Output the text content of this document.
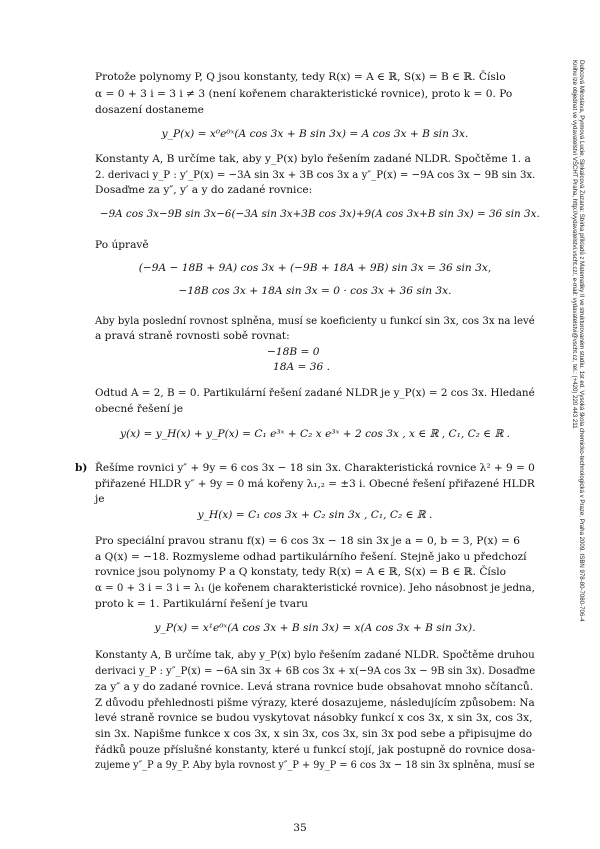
Protože polynomy P, Q jsou konstanty, tedy R(x) = A ∈ ℝ, S(x) = B ∈ ℝ. Číslo
α = 0 + 3 i = 3 i ≠ 3 (není kořenem charakteristické rovnice), proto k = 0. Po
dosazení dostaneme
y_P(x) = x⁰e⁰ˣ(A cos 3x + B sin 3x) = A cos 3x + B sin 3x.
Konstanty A, B určíme tak, aby y_P(x) bylo řešením zadané NLDR. Spočtěme 1. a
2. derivaci y_P : y′_P(x) = −3A sin 3x + 3B cos 3x a y″_P(x) = −9A cos 3x − 9B sin 3x.
Dosaďme za y″, y′ a y do zadané rovnice:
−9A cos 3x−9B sin 3x−6(−3A sin 3x+3B cos 3x)+9(A cos 3x+B sin 3x) = 36 sin 3x.
Po úpravě
(−9A − 18B + 9A) cos 3x + (−9B + 18A + 9B) sin 3x = 36 sin 3x,
−18B cos 3x + 18A sin 3x = 0 · cos 3x + 36 sin 3x.
Aby byla poslední rovnost splněna, musí se koeficienty u funkcí sin 3x, cos 3x na levé
a pravá straně rovnosti sobě rovnat:
−18B = 0
18A = 36 .
Odtud A = 2, B = 0. Partikulární řešení zadané NLDR je y_P(x) = 2 cos 3x. Hledané
obecné řešení je
y(x) = y_H(x) + y_P(x) = C₁ e³ˣ + C₂ x e³ˣ + 2 cos 3x , x ∈ ℝ , C₁, C₂ ∈ ℝ .
b) Řešíme rovnici y″ + 9y = 6 cos 3x − 18 sin 3x. Charakteristická rovnice λ² + 9 = 0
přiřazené HLDR y″ + 9y = 0 má kořeny λ₁,₂ = ±3 i. Obecné řešení přiřazené HLDR
je
y_H(x) = C₁ cos 3x + C₂ sin 3x , C₁, C₂ ∈ ℝ .
Pro speciální pravou stranu f(x) = 6 cos 3x − 18 sin 3x je a = 0, b = 3, P(x) = 6
a Q(x) = −18. Rozmysleme odhad partikulárního řešení. Stejně jako u předchozí
rovnice jsou polynomy P a Q konstaty, tedy R(x) = A ∈ ℝ, S(x) = B ∈ ℝ. Číslo
α = 0 + 3 i = 3 i = λ₁ (je kořenem charakteristické rovnice). Jeho násobnost je jedna,
proto k = 1. Partikulární řešení je tvaru
y_P(x) = x¹e⁰ˣ(A cos 3x + B sin 3x) = x(A cos 3x + B sin 3x).
Konstanty A, B určíme tak, aby y_P(x) bylo řešením zadané NLDR. Spočtěme druhou
derivaci y_P : y″_P(x) = −6A sin 3x + 6B cos 3x + x(−9A cos 3x − 9B sin 3x). Dosaďme
za y″ a y do zadané rovnice. Levá strana rovnice bude obsahovat mnoho sčítanců.
Z důvodu přehlednosti pišme výrazy, které dosazujeme, následujícím způsobem: Na
levé straně rovnice se budou vyskytovat násobky funkcí x cos 3x, x sin 3x, cos 3x,
sin 3x. Napišme funkce x cos 3x, x sin 3x, cos 3x, sin 3x pod sebe a připisujme do
řádků pouze příslušné konstanty, které u funkcí stojí, jak postupně do rovnice dosa-
zujeme y″_P a 9y_P. Aby byla rovnost y″_P + 9y_P = 6 cos 3x − 18 sin 3x splněna, musí se
35
Dubcová Miroslava, Pyrmová Lucie, Sinkalcová Zuzana: Sbírka příkladů z Matematiky II ve strukturovaném studiu. 1st ed. Vysoká škola chemicko-technologická v Praze, Praha 2009. ISBN 978-80-7080-706-4
Knihu lze objednat ve vydavatelství VŠCHT Praha, http://vydavatelstvi.vscht.cz/, e-mail: vydavatelstvi@vscht.cz, tel.: (+420) 220 443 211
